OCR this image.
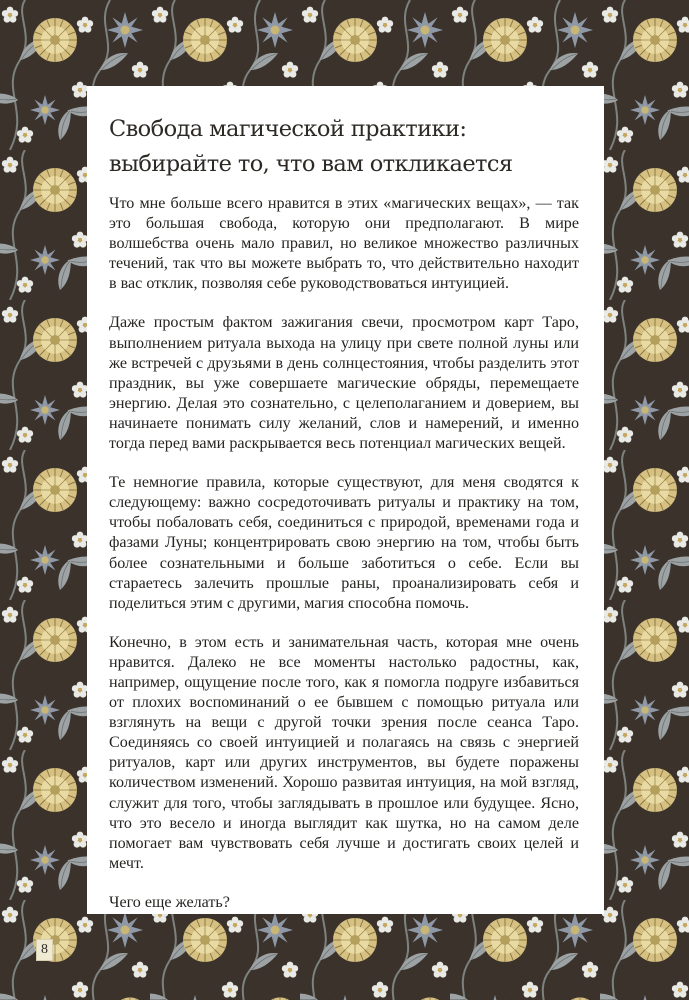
Свобода магической практики: выбирайте то, что вам откликается

Что мне больше всего нравится в этих «магических вещах», — так это большая свобода, которую они предполагают. В мире волшебства очень мало правил, но великое множество различных течений, так что вы можете выбрать то, что действительно находит в вас отклик, позволяя себе руководствоваться интуицией.

Даже простым фактом зажигания свечи, просмотром карт Таро, выполнением ритуала выхода на улицу при свете полной луны или же встречей с друзьями в день солнцестояния, чтобы разделить этот праздник, вы уже совершаете магические обряды, перемещаете энергию. Делая это сознательно, с целеполаганием и доверием, вы начинаете понимать силу желаний, слов и намерений, и именно тогда перед вами раскрывается весь потенциал магических вещей.

Те немногие правила, которые существуют, для меня сводятся к следующему: важно сосредоточивать ритуалы и практику на том, чтобы побаловать себя, соединиться с природой, временами года и фазами Луны; концентрировать свою энергию на том, чтобы быть более сознательными и больше заботиться о себе. Если вы стараетесь залечить прошлые раны, проанализировать себя и поделиться этим с другими, магия способна помочь.

Конечно, в этом есть и занимательная часть, которая мне очень нравится. Далеко не все моменты настолько радостны, как, например, ощущение после того, как я помогла подруге избавиться от плохих воспоминаний о ее бывшем с помощью ритуала или взглянуть на вещи с другой точки зрения после сеанса Таро. Соединяясь со своей интуицией и полагаясь на связь с энергией ритуалов, карт или других инструментов, вы будете поражены количеством изменений. Хорошо развитая интуиция, на мой взгляд, служит для того, чтобы заглядывать в прошлое или будущее. Ясно, что это весело и иногда выглядит как шутка, но на самом деле помогает вам чувствовать себя лучше и достигать своих целей и мечт.

Чего еще желать?

8
